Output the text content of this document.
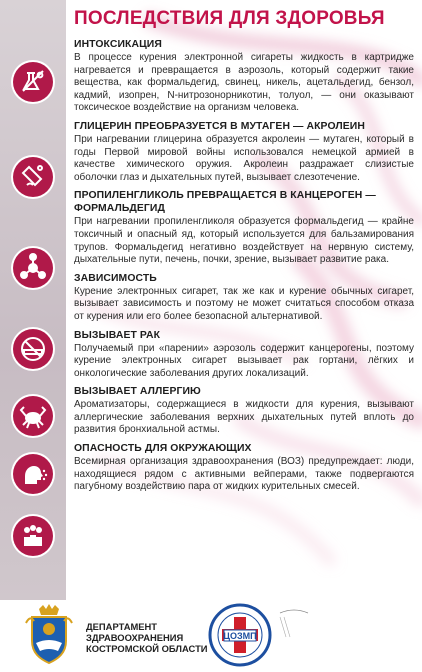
ПОСЛЕДСТВИЯ ДЛЯ ЗДОРОВЬЯ
ИНТОКСИКАЦИЯ

В процессе курения электронной сигареты жидкость в картридже нагревается и превращается в аэрозоль, который содержит такие вещества, как формальдегид, свинец, никель, ацетальдегид, бензол, кадмий, изопрен, N-нитрозонорникотин, толуол, — они оказывают токсическое воздействие на организм человека.

ГЛИЦЕРИН ПРЕОБРАЗУЕТСЯ В МУТАГЕН — АКРОЛЕИН

При нагревании глицерина образуется акролеин — мутаген, который в годы Первой мировой войны использовался немецкой армией в качестве химического оружия. Акролеин раздражает слизистые оболочки глаз и дыхательных путей, вызывает слезотечение.

ПРОПИЛЕНГЛИКОЛЬ ПРЕВРАЩАЕТСЯ В КАНЦЕРОГЕН — ФОРМАЛЬДЕГИД

При нагревании пропиленгликоля образуется формальдегид — крайне токсичный и опасный яд, который используется для бальзамирования трупов. Формальдегид негативно воздействует на нервную систему, дыхательные пути, печень, почки, зрение, вызывает развитие рака.

ЗАВИСИМОСТЬ

Курение электронных сигарет, так же как и курение обычных сигарет, вызывает зависимость и поэтому не может считаться способом отказа от курения или его более безопасной альтернативой.

ВЫЗЫВАЕТ РАК

Получаемый при «парении» аэрозоль содержит канцерогены, поэтому курение электронных сигарет вызывает рак гортани, лёгких и онкологические заболевания других локализаций.

ВЫЗЫВАЕТ АЛЛЕРГИЮ

Ароматизаторы, содержащиеся в жидкости для курения, вызывают аллергические заболевания верхних дыхательных путей вплоть до развития бронхиальной астмы.

ОПАСНОСТЬ ДЛЯ ОКРУЖАЮЩИХ

Всемирная организация здравоохранения (ВОЗ) предупреждает: люди, находящиеся рядом с активными вейперами, также подвергаются пагубному воздействию пара от жидких курительных смесей.

ДЕПАРТАМЕНТ
ЗДРАВООХРАНЕНИЯ
КОСТРОМСКОЙ ОБЛАСТИ
ЦОЗМП
